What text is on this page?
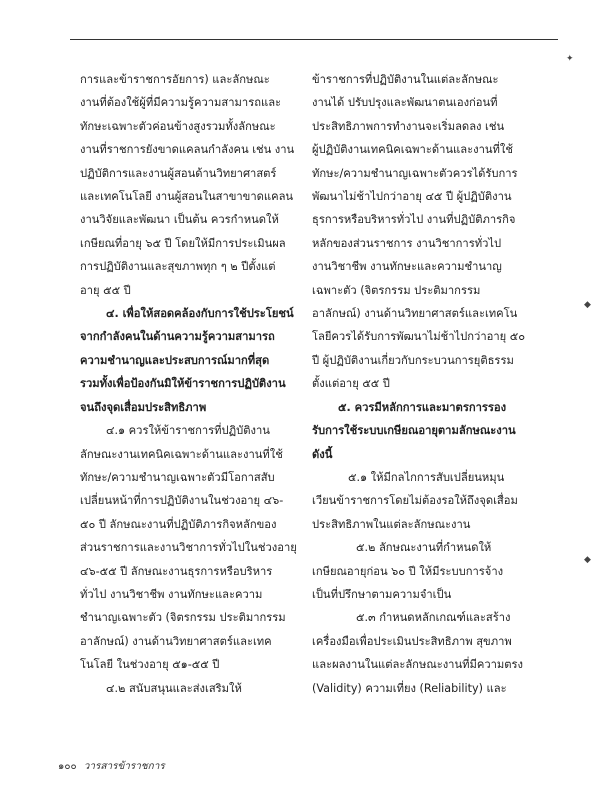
✦
◆
◆

การและข้าราชการอัยการ) และลักษณะ

งานที่ต้องใช้ผู้ที่มีความรู้ความสามารถและ

ทักษะเฉพาะตัวค่อนข้างสูงรวมทั้งลักษณะ

งานที่ราชการยังขาดแคลนกำลังคน เช่น งาน

ปฏิบัติการและงานผู้สอนด้านวิทยาศาสตร์

และเทคโนโลยี งานผู้สอนในสาขาขาดแคลน

งานวิจัยและพัฒนา เป็นต้น ควรกำหนดให้

เกษียณที่อายุ ๖๕ ปี โดยให้มีการประเมินผล

การปฏิบัติงานและสุขภาพทุก ๆ ๒ ปีตั้งแต่

อายุ ๕๕ ปี

๔. เพื่อให้สอดคล้องกับการใช้ประโยชน์

จากกำลังคนในด้านความรู้ความสามารถ

ความชำนาญและประสบการณ์มากที่สุด

รวมทั้งเพื่อป้องกันมิให้ข้าราชการปฏิบัติงาน

จนถึงจุดเสื่อมประสิทธิภาพ

๔.๑ ควรให้ข้าราชการที่ปฏิบัติงาน

ลักษณะงานเทคนิคเฉพาะด้านและงานที่ใช้

ทักษะ/ความชำนาญเฉพาะตัวมีโอกาสสับ

เปลี่ยนหน้าที่การปฏิบัติงานในช่วงอายุ ๔๖-

๕๐ ปี ลักษณะงานที่ปฏิบัติภารกิจหลักของ

ส่วนราชการและงานวิชาการทั่วไปในช่วงอายุ

๔๖-๕๕ ปี ลักษณะงานธุรการหรือบริหาร

ทั่วไป งานวิชาชีพ งานทักษะและความ

ชำนาญเฉพาะตัว (จิตรกรรม ประติมากรรม

อาลักษณ์) งานด้านวิทยาศาสตร์และเทค

โนโลยี ในช่วงอายุ ๕๑-๕๕ ปี

๔.๒ สนับสนุนและส่งเสริมให้

ข้าราชการที่ปฏิบัติงานในแต่ละลักษณะ

งานได้ ปรับปรุงและพัฒนาตนเองก่อนที่

ประสิทธิภาพการทำงานจะเริ่มลดลง เช่น

ผู้ปฏิบัติงานเทคนิคเฉพาะด้านและงานที่ใช้

ทักษะ/ความชำนาญเฉพาะตัวควรได้รับการ

พัฒนาไม่ช้าไปกว่าอายุ ๔๕ ปี ผู้ปฏิบัติงาน

ธุรการหรือบริหารทั่วไป งานที่ปฏิบัติภารกิจ

หลักของส่วนราชการ งานวิชาการทั่วไป

งานวิชาชีพ งานทักษะและความชำนาญ

เฉพาะตัว (จิตรกรรม ประติมากรรม

อาลักษณ์) งานด้านวิทยาศาสตร์และเทคโน

โลยีควรได้รับการพัฒนาไม่ช้าไปกว่าอายุ ๕๐

ปี ผู้ปฏิบัติงานเกี่ยวกับกระบวนการยุติธรรม

ตั้งแต่อายุ ๕๕ ปี

๕. ควรมีหลักการและมาตรการรอง

รับการใช้ระบบเกษียณอายุตามลักษณะงาน

ดังนี้

๕.๑ ให้มีกลไกการสับเปลี่ยนหมุน

เวียนข้าราชการโดยไม่ต้องรอให้ถึงจุดเสื่อม

ประสิทธิภาพในแต่ละลักษณะงาน

๕.๒ ลักษณะงานที่กำหนดให้

เกษียณอายุก่อน ๖๐ ปี ให้มีระบบการจ้าง

เป็นที่ปรึกษาตามความจำเป็น

๕.๓ กำหนดหลักเกณฑ์และสร้าง

เครื่องมือเพื่อประเมินประสิทธิภาพ สุขภาพ

และผลงานในแต่ละลักษณะงานที่มีความตรง

(Validity) ความเที่ยง (Reliability) และ

๑๐๐ วารสารข้าราชการ
